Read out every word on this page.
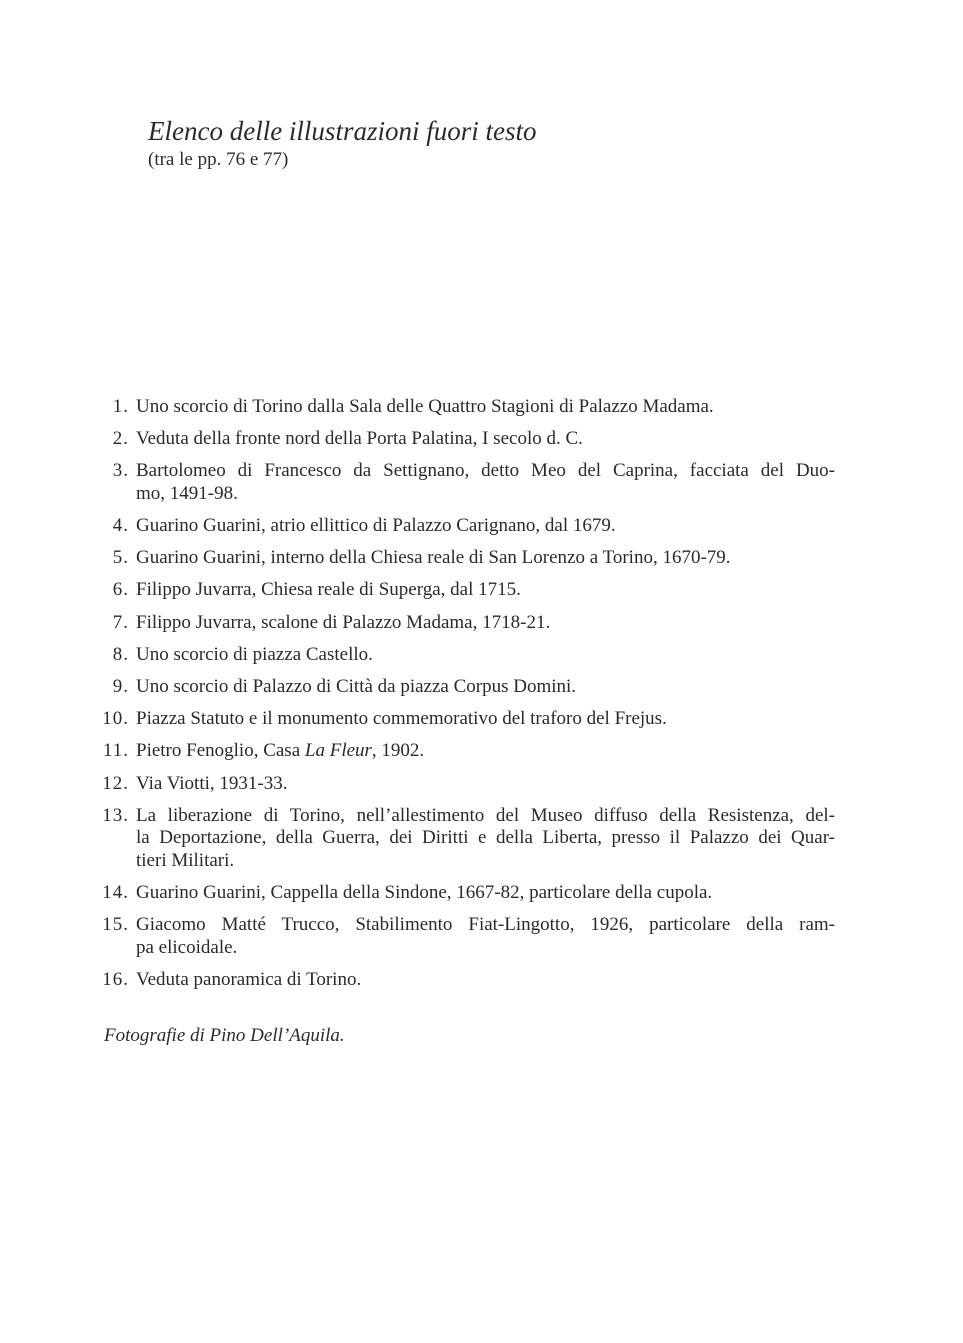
Elenco delle illustrazioni fuori testo
(tra le pp. 76 e 77)
1. Uno scorcio di Torino dalla Sala delle Quattro Stagioni di Palazzo Madama.
2. Veduta della fronte nord della Porta Palatina, I secolo d. C.
3. Bartolomeo di Francesco da Settignano, detto Meo del Caprina, facciata del Duo-
mo, 1491-98.
4. Guarino Guarini, atrio ellittico di Palazzo Carignano, dal 1679.
5. Guarino Guarini, interno della Chiesa reale di San Lorenzo a Torino, 1670-79.
6. Filippo Juvarra, Chiesa reale di Superga, dal 1715.
7. Filippo Juvarra, scalone di Palazzo Madama, 1718-21.
8. Uno scorcio di piazza Castello.
9. Uno scorcio di Palazzo di Città da piazza Corpus Domini.
10. Piazza Statuto e il monumento commemorativo del traforo del Frejus.
11. Pietro Fenoglio, Casa La Fleur, 1902.
12. Via Viotti, 1931-33.
13. La liberazione di Torino, nell’allestimento del Museo diffuso della Resistenza, del-
la Deportazione, della Guerra, dei Diritti e della Liberta, presso il Palazzo dei Quar-
tieri Militari.
14. Guarino Guarini, Cappella della Sindone, 1667-82, particolare della cupola.
15. Giacomo Matté Trucco, Stabilimento Fiat-Lingotto, 1926, particolare della ram-
pa elicoidale.
16. Veduta panoramica di Torino.
Fotografie di Pino Dell’Aquila.
